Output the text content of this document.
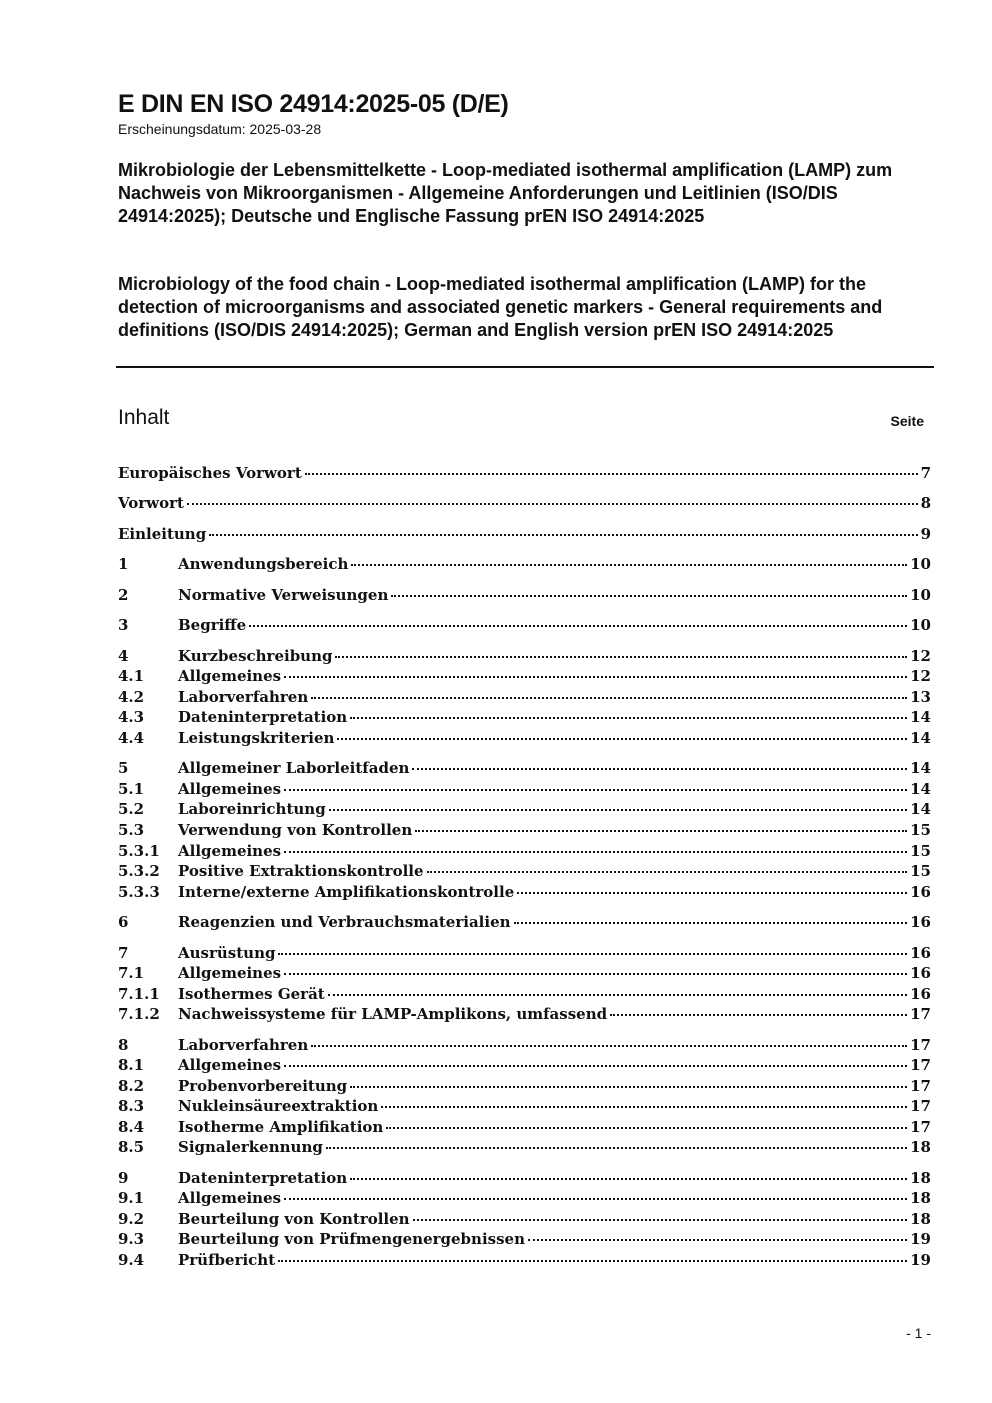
E DIN EN ISO 24914:2025-05 (D/E)
Erscheinungsdatum: 2025-03-28
Mikrobiologie der Lebensmittelkette - Loop-mediated isothermal amplification (LAMP) zum Nachweis von Mikroorganismen - Allgemeine Anforderungen und Leitlinien (ISO/DIS 24914:2025); Deutsche und Englische Fassung prEN ISO 24914:2025
Microbiology of the food chain - Loop-mediated isothermal amplification (LAMP) for the detection of microorganisms and associated genetic markers - General requirements and definitions (ISO/DIS 24914:2025); German and English version prEN ISO 24914:2025
Inhalt	Seite
Europäisches Vorwort	7
Vorwort	8
Einleitung	9
1	Anwendungsbereich	10
2	Normative Verweisungen	10
3	Begriffe	10
4	Kurzbeschreibung	12
4.1	Allgemeines	12
4.2	Laborverfahren	13
4.3	Dateninterpretation	14
4.4	Leistungskriterien	14
5	Allgemeiner Laborleitfaden	14
5.1	Allgemeines	14
5.2	Laboreinrichtung	14
5.3	Verwendung von Kontrollen	15
5.3.1	Allgemeines	15
5.3.2	Positive Extraktionskontrolle	15
5.3.3	Interne/externe Amplifikationskontrolle	16
6	Reagenzien und Verbrauchsmaterialien	16
7	Ausrüstung	16
7.1	Allgemeines	16
7.1.1	Isothermes Gerät	16
7.1.2	Nachweissysteme für LAMP-Amplikons, umfassend	17
8	Laborverfahren	17
8.1	Allgemeines	17
8.2	Probenvorbereitung	17
8.3	Nukleinsäureextraktion	17
8.4	Isotherme Amplifikation	17
8.5	Signalerkennung	18
9	Dateninterpretation	18
9.1	Allgemeines	18
9.2	Beurteilung von Kontrollen	18
9.3	Beurteilung von Prüfmengenergebnissen	19
9.4	Prüfbericht	19
- 1 -
